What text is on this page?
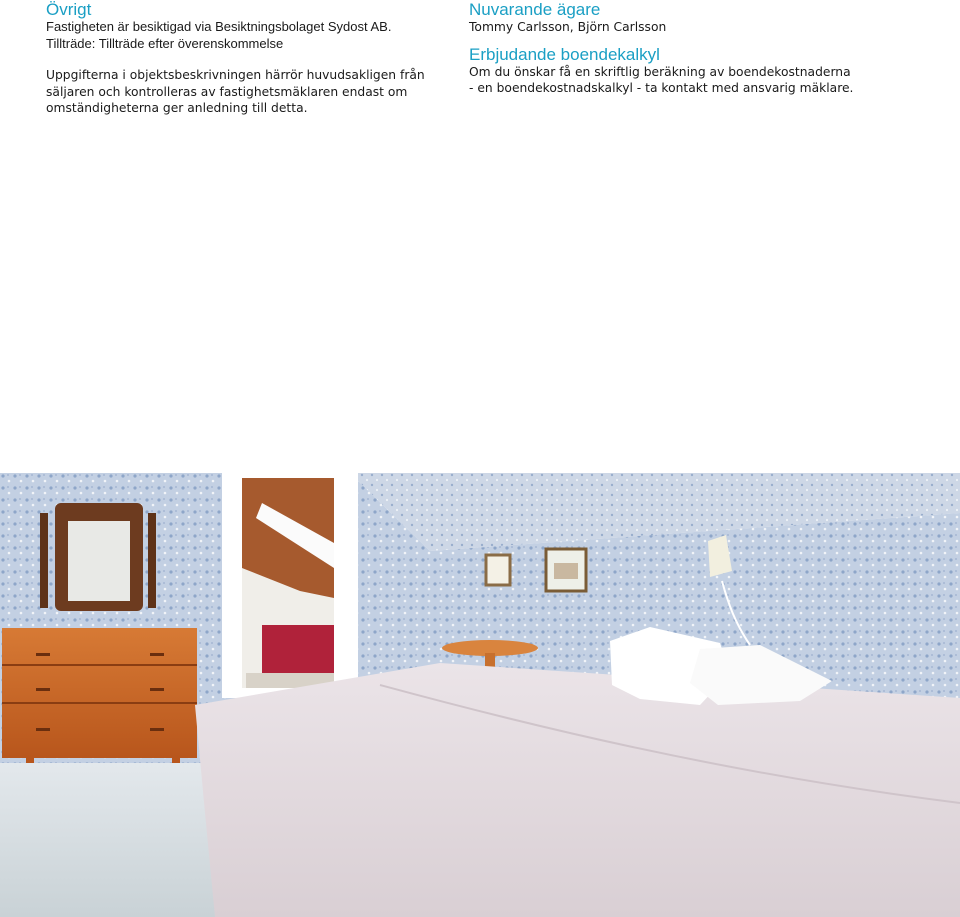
Övrigt

Fastigheten är besiktigad via Besiktningsbolaget Sydost AB.

Tillträde: Tillträde efter överenskommelse

Uppgifterna i objektsbeskrivningen härrör huvudsakligen från

säljaren och kontrolleras av fastighetsmäklaren endast om

omständigheterna ger anledning till detta.

Nuvarande ägare

Tommy Carlsson, Björn Carlsson

Erbjudande boendekalkyl

Om du önskar få en skriftlig beräkning av boendekostnaderna

- en boendekostnadskalkyl - ta kontakt med ansvarig mäklare.
